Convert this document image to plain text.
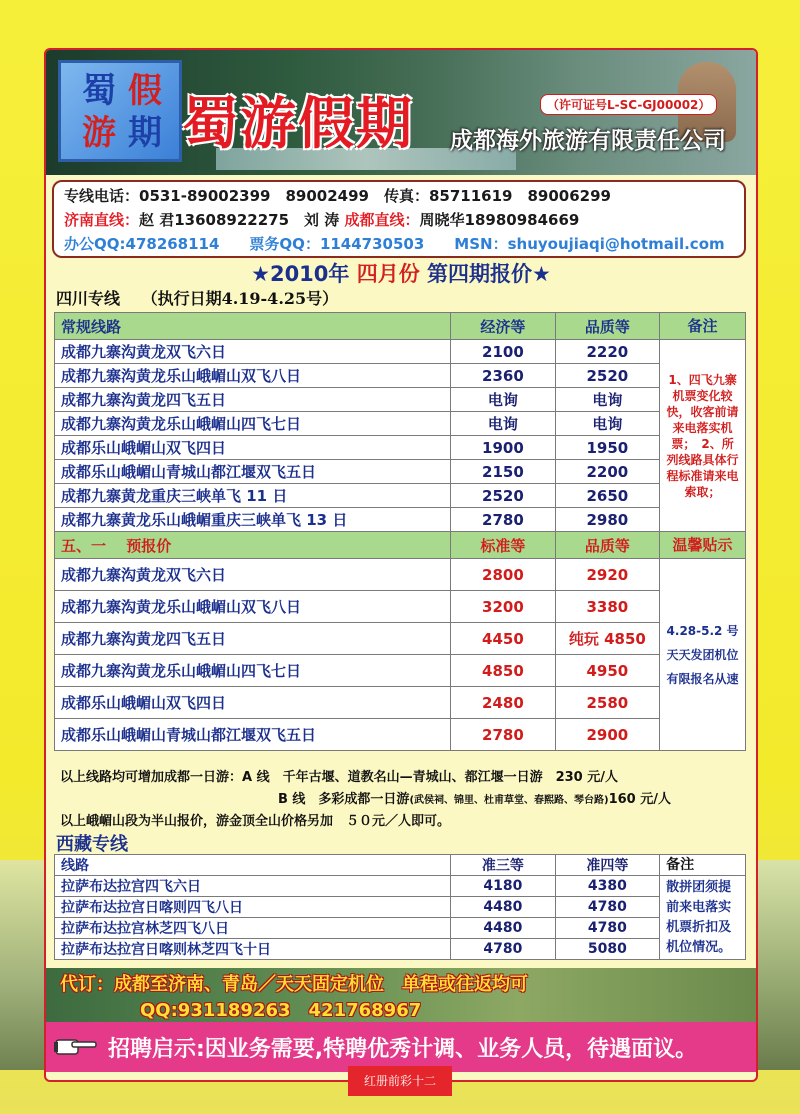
蜀 假
游 期 蜀游假期	（许可证号L-SC-GJ00002）
成都海外旅游有限责任公司
专线电话：0531-89002399　89002499　传真：85711619　89006299
济南直线：赵 君13608922275　刘 涛 成都直线：周晓华18980984669
办公QQ:478268114　　票务QQ：1144730503　　MSN：shuyoujiaqi@hotmail.com
★2010年 四月份 第四期报价★
四川专线　 （执行日期4.19-4.25号）
常规线路	经济等	品质等	备注
成都九寨沟黄龙双飞六日	2100	2220	1、四飞九寨机票变化较快，收客前请来电落实机票；　2、所列线路具体行程标准请来电索取；
成都九寨沟黄龙乐山峨嵋山双飞八日	2360	2520	
成都九寨沟黄龙四飞五日	电询	电询	
成都九寨沟黄龙乐山峨嵋山四飞七日	电询	电询	
成都乐山峨嵋山双飞四日	1900	1950	
成都乐山峨嵋山青城山都江堰双飞五日	2150	2200	
成都九寨黄龙重庆三峡单飞 11 日	2520	2650	
成都九寨黄龙乐山峨嵋重庆三峡单飞 13 日	2780	2980	
五、一　 预报价	标准等	品质等	温馨贴示
成都九寨沟黄龙双飞六日	2800	2920	4.28-5.2 号天天发团机位有限报名从速
成都九寨沟黄龙乐山峨嵋山双飞八日	3200	3380	
成都九寨沟黄龙四飞五日	4450	纯玩 4850	
成都九寨沟黄龙乐山峨嵋山四飞七日	4850	4950	
成都乐山峨嵋山双飞四日	2480	2580	
成都乐山峨嵋山青城山都江堰双飞五日	2780	2900	
以上线路均可增加成都一日游：A 线　千年古堰、道教名山—青城山、都江堰一日游　230 元/人
B 线　多彩成都一日游(武侯祠、锦里、杜甫草堂、春熙路、琴台路)160 元/人
以上峨嵋山段为半山报价，游金顶全山价格另加　５０元／人即可。
西藏专线
线路	准三等	准四等	备注
拉萨布达拉宫四飞六日	4180	4380	散拼团须提前来电落实机票折扣及机位情况。
拉萨布达拉宫日喀则四飞八日	4480	4780	
拉萨布达拉宫林芝四飞八日	4480	4780	
拉萨布达拉宫日喀则林芝四飞十日	4780	5080	
代订：成都至济南、青岛／天天固定机位　单程或往返均可
QQ:931189263　421768967
招聘启示:因业务需要,特聘优秀计调、业务人员，待遇面议。
红册前彩十二
